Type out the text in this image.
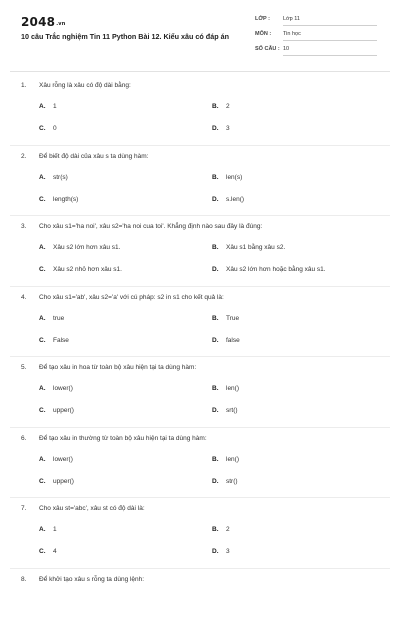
$2048^{.vn}$
10 câu Trắc nghiệm Tin 11 Python Bài 12. Kiểu xâu có đáp án
LỚP : Lớp 11
MÔN : Tin học
SỐ CÂU : 10
1. Xâu rỗng là xâu có độ dài bằng:
A. 1	B. 2
C. 0	D. 3
2. Để biết độ dài của xâu s ta dùng hàm:
A. str(s)	B. len(s)
C. length(s)	D. s.len()
3. Cho xâu s1='ha noi', xâu s2='ha noi cua toi'. Khẳng định nào sau đây là đúng:
A. Xâu s2 lớn hơn xâu s1.	B. Xâu s1 bằng xâu s2.
C. Xâu s2 nhỏ hơn xâu s1.	D. Xâu s2 lớn hơn hoặc bằng xâu s1.
4. Cho xâu s1='ab', xâu s2='a' với cú pháp: s2 in s1 cho kết quả là:
A. true	B. True
C. False	D. false
5. Để tạo xâu in hoa từ toàn bộ xâu hiện tại ta dùng hàm:
A. lower()	B. len()
C. upper()	D. srt()
6. Để tạo xâu in thường từ toàn bộ xâu hiện tại ta dùng hàm:
A. lower()	B. len()
C. upper()	D. str()
7. Cho xâu st='abc', xâu st có độ dài là:
A. 1	B. 2
C. 4	D. 3
8. Để khởi tạo xâu s rỗng ta dùng lệnh:
